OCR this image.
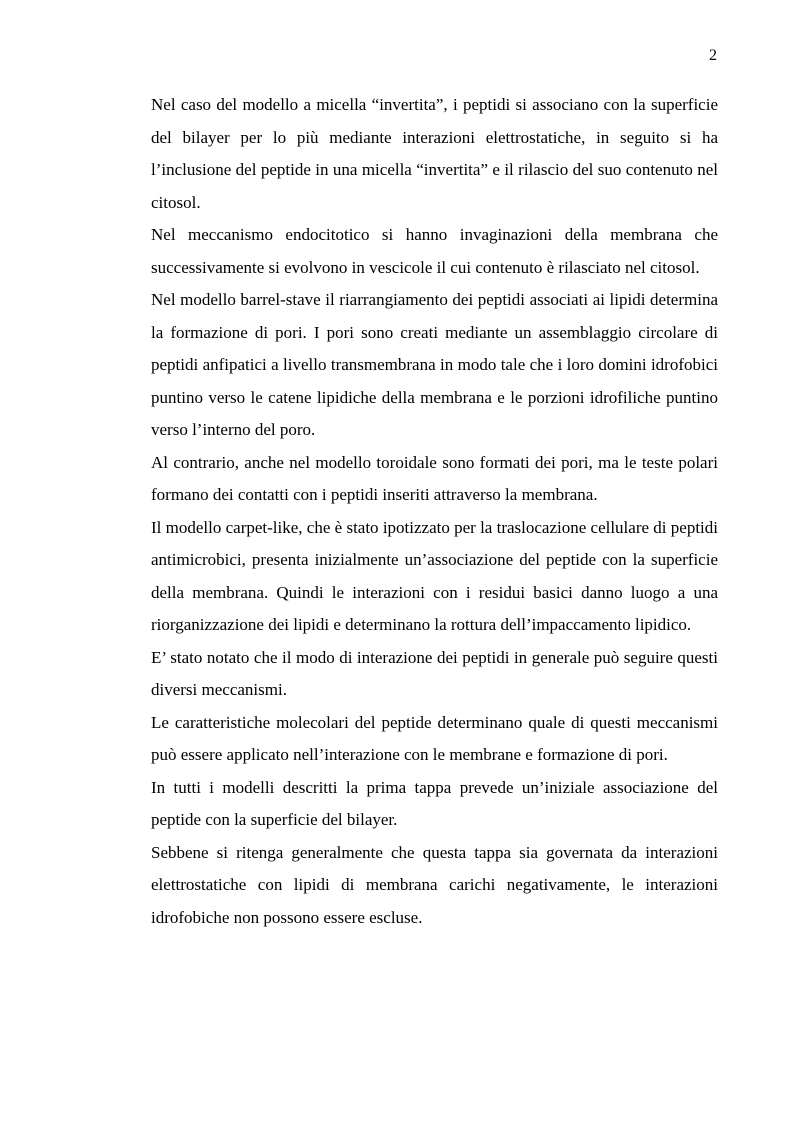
2

Nel caso del modello a micella “invertita”, i peptidi si associano con la superficie del bilayer per lo più mediante interazioni elettrostatiche, in seguito si ha l’inclusione del peptide in una micella “invertita” e il rilascio del suo contenuto nel citosol.

Nel meccanismo endocitotico si hanno invaginazioni della membrana che successivamente si evolvono in vescicole il cui contenuto è rilasciato nel citosol.

Nel modello barrel-stave il riarrangiamento dei peptidi associati ai lipidi determina la formazione di pori. I pori sono creati mediante un assemblaggio circolare di peptidi anfipatici a livello transmembrana in modo tale che i loro domini idrofobici puntino verso le catene lipidiche della membrana e le porzioni idrofiliche puntino verso l’interno del poro.

Al contrario, anche nel modello toroidale sono formati dei pori, ma le teste polari formano dei contatti con i peptidi inseriti attraverso la membrana.

Il modello carpet-like, che è stato ipotizzato per la traslocazione cellulare di peptidi antimicrobici, presenta inizialmente un’associazione del peptide con la superficie della membrana. Quindi le interazioni con i residui basici danno luogo a una riorganizzazione dei lipidi e determinano la rottura dell’impaccamento lipidico.

E’ stato notato che il modo di interazione dei peptidi in generale può seguire questi diversi meccanismi.

Le caratteristiche molecolari del peptide determinano quale di questi meccanismi può essere applicato nell’interazione con le membrane e formazione di pori.

In tutti i modelli descritti la prima tappa prevede un’iniziale associazione del peptide con la superficie del bilayer.

Sebbene si ritenga generalmente che questa tappa sia governata da interazioni elettrostatiche con lipidi di membrana carichi negativamente, le interazioni idrofobiche non possono essere escluse.
